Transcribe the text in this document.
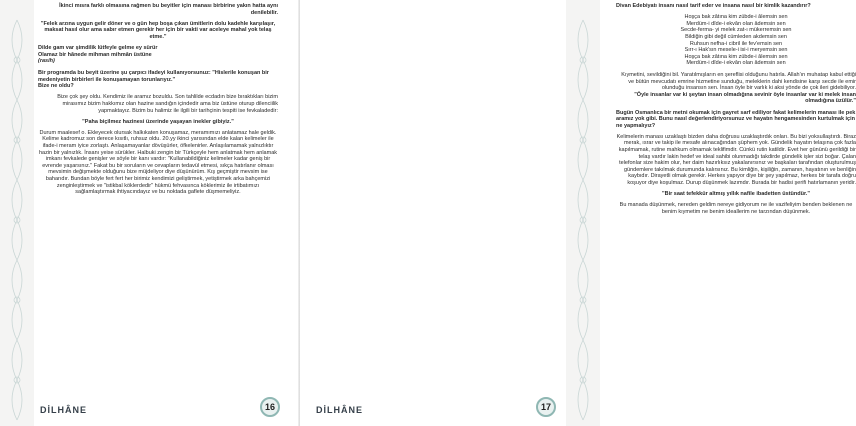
İkinci mısra farklı olmasına rağmen bu beyitler için manası birbirine yakın hatta aynı denilebilir.

"Felek arzına uygun gelir döner ve o gün hep boşa çıkan ümitlerin dolu kadehle karşılaşır, maksat hasıl olur ama sabır etmen gerekir her için bir vakti var aceleye mahal yok telaş etme."

Dilde gam var şimdilik lütfeyle gelme ey sürür

Olamaz bir hânede mihman mihmân üstüne

(rasih)

Bir programda bu beyit üzerine şu çarpıcı ifadeyi kullanıyorsunuz: "Hislerile konuşan bir medeniyetin birbirleri ile konuşamayan torunlarıyız."

Bize ne oldu?

Bize çok şey oldu. Kendimiz ile aramız bozuldu. Son tahlilde ecdadın bize bıraktıkları bizim mirasımız bizim hakkımız olan hazine sandığın içindedir ama biz üstüne oturup dilenciilik yapmaktayız. Bizim bu halimiz ile ilgili bir tarihçinin tespiti ise fevkaladedir:

"Paha biçilmez hazinesi üzerinde yaşayan inekler gibiyiz."

Durum maalesef o. Ekleyecek olursak halkıkaten konuşamaz, meramımızı anlatamaz hale geldik. Kelime kadromuz son derece kısıtlı, ruhsuz oldu. 20.yy ikinci yarısından elde kalan kelimeler ile ifade-i meram iyice zorlaştı. Anlaşamayanlar dövüşürler, öfkelenirler. Anlaşılamamak yalnızlıktır hazin bir yalnızlık. İnsanı yeise sürükler. Halbuki zengin bir Türkçeyle hem anlatmak hem anlamak imkanı fevkalede genişler ve söyle bir kanı vardır: "Kullanabildiğiniz kelimeler kadar geniş bir evrende yaşarsınız." Fakat bu bir soruların ve cevapların tedavül etmesi, sıkça hatırlanır olması mevsimin değişmekte olduğunu bize müjdeliyor diye düşünürüm. Kış geçmiştir mevsim ise baharıdır. Bundan böyle fert fert her birimiz kendimizi geliştirmek, yetiştirmek arka bahçemizi zenginleştirmek ve "istikbal köklerdedir" hükmü fehvasınca köklerimiz ile irtibatımızı sağlamlaştırmak ihtiyacındayız ve bu noktada gaflete düşmemeliyiz.

DİLHÂNE	16

Divan Edebiyatı insanı nasıl tarif eder ve insana nasıl bir kimlik kazandırır?

Hoşça bak zâtına kim zübde-i âlemsin sen

Merdüm-i dîde-i ekvân olan âdemsin sen

Secde-ferma- yi melek zat-ı mükerremsin sen

Bildiğin gibi değil cümleden akdemsin sen

Ruhsun nefha-i cibril ile fev'emsin sen

Sırr-ı Hak'sın mesele-i isi-i meryemsin sen

Hoşça bak zâtına kim zübde-i âlemsin sen

Merdüm-i dîde-i ekvân olan âdemsin sen

Kıymetini, sevildiğini bil. Yaratılmışların en şereflisi olduğunu hatırla. Allah'ın muhatap kabul ettiği ve bütün mevcudatı emrine hizmetine sunduğu, meleklerin dahi kendisine karşı secde ile emir olunduğu insansın sen. İnsan öyle bir varlık ki aksi yönde de çok ileri gidebiliyor.

"Öyle insanlar var ki şeytan insan olmadığına sevinir öyle insanlar var ki melek insan olmadığına üzülür."

Bugün Osmanlıca bir metni okumak için gayret sarf ediliyor fakat kelimelerin manası ile pek aramız yok gibi. Bunu nasıl değerlendiriyorsunuz ve hayatın hengamesinden kurtulmak için ne yapmalıyız?

Kelimelerin manası uzaklaştı bizden daha doğrusu uzaklaştırdık onları. Bu bizi yoksullaştırdı. Biraz merak, ısrar ve takip ile mesafe alınacağından şüphem yok. Gündelik hayatın telaşına çok fazla kapılmamak, rutine mahkum olmamak teklifimdir. Cünkü rutin katildir. Evet her gününü gerildiği bir telaş vardır lakin hedef ve ideal sahibi olunmadığı takdirde gündelik işler sizi boğar. Çalan telefonlar size hakim olur, her daim hazırlıksız yakalanırsınız ve başkaları tarafından oluşturulmuş gündemlere takılmak durumunda kalırsınız. Bu kimliğin, kişiliğin, zamanın, hayatının ve benliğin kaybıdır. Dirayetli olmak gerekir. Herkes yapıyor diye bir şey yapılmaz, herkes bir tarafa doğru koşuyor diye koşulmaz. Durup düşünmek lazımdır. Burada bir hadisi şerifi hatırlamanın yeridir.

"Bir saat tefekkür altmış yıllık nafile ibadetten üstündür."

Bu manada düşünmek, nereden geldim nereye gidiyorum ne ile vazifeliyim benden beklenen ne benim kıymetim ne benim ideallerim ne tarzından düşünmek.

DİLHÂNE	17
